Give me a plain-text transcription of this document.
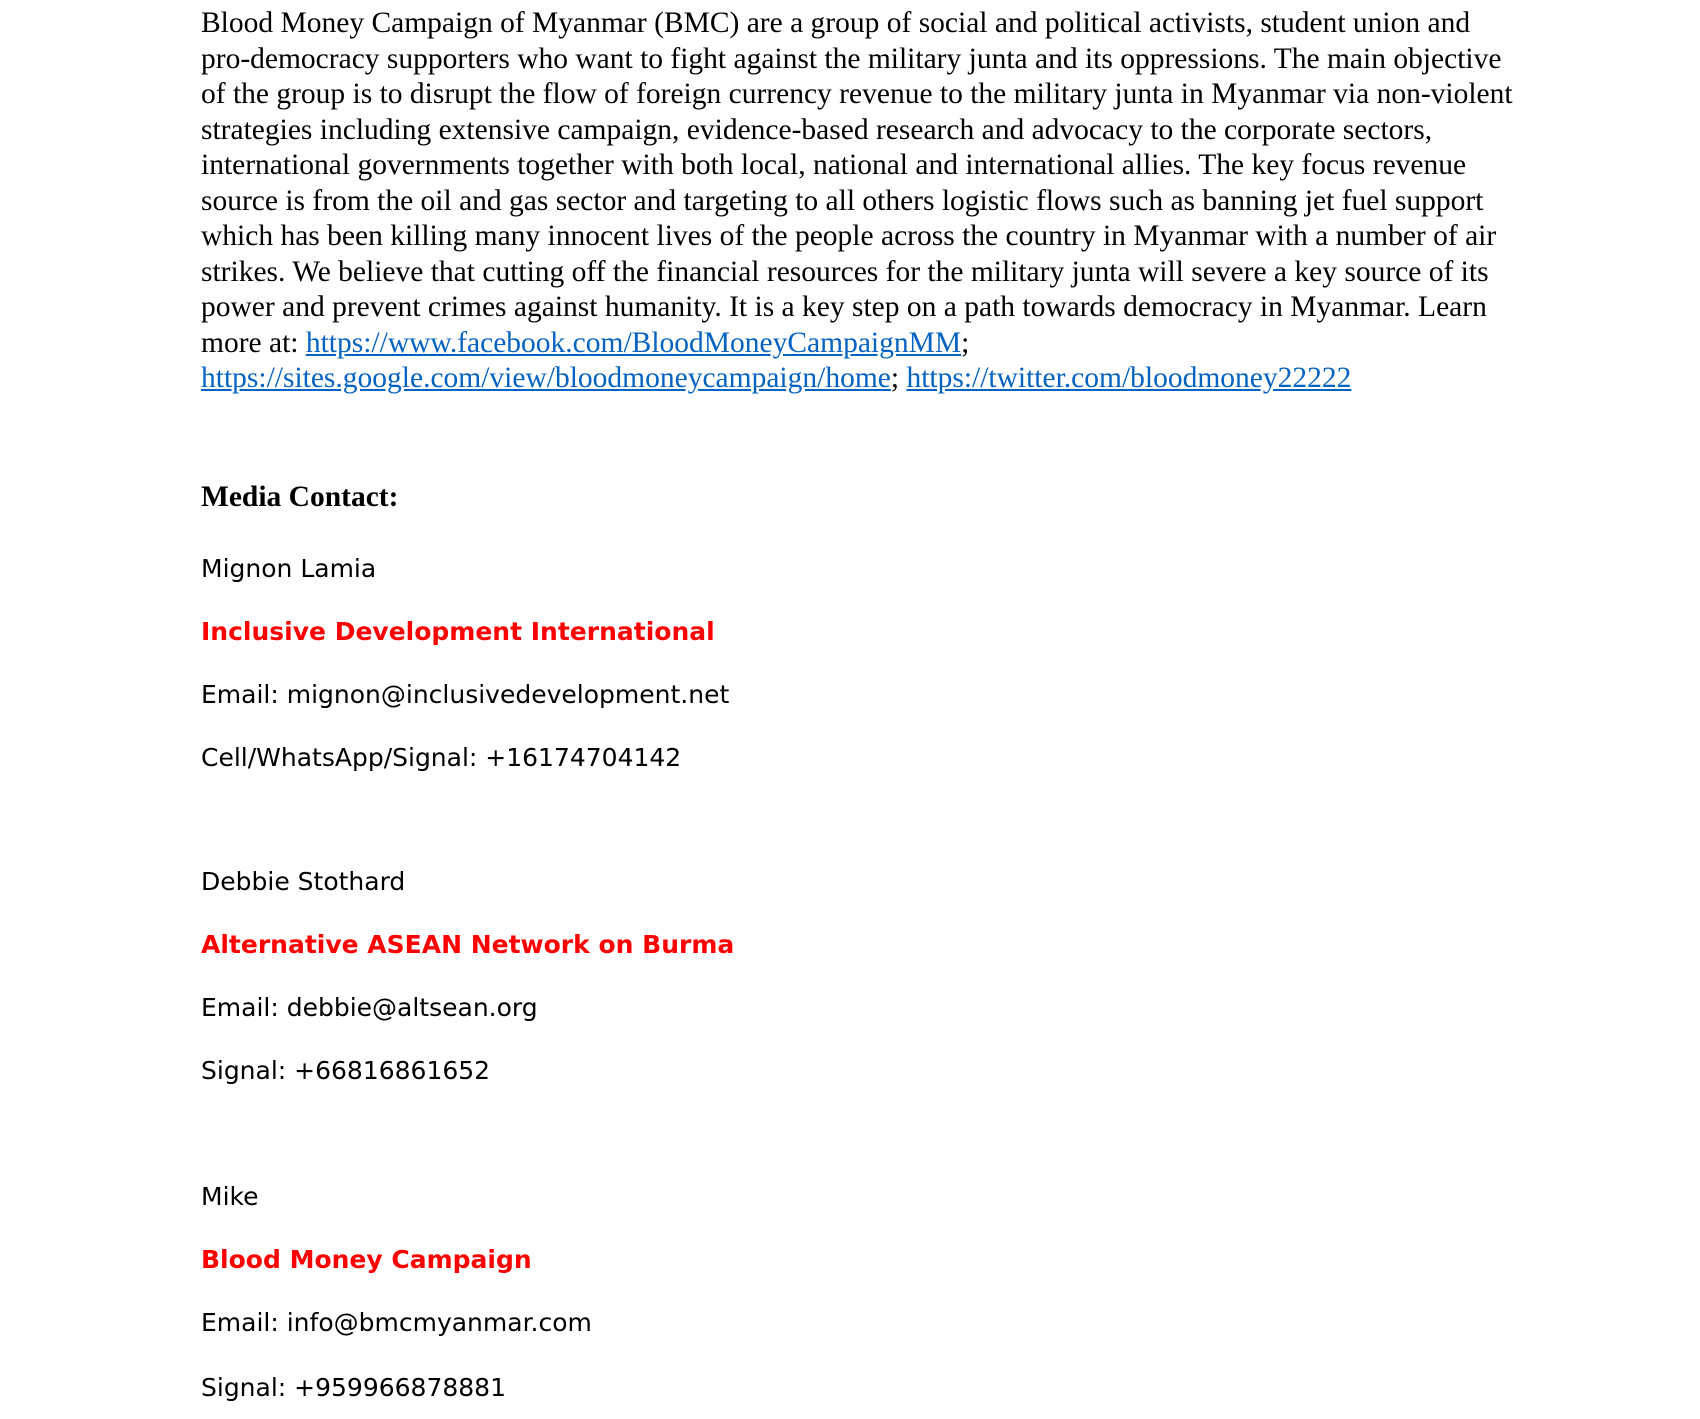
Blood Money Campaign of Myanmar (BMC) are a group of social and political activists, student union and pro-democracy supporters who want to fight against the military junta and its oppressions. The main objective of the group is to disrupt the flow of foreign currency revenue to the military junta in Myanmar via non-violent strategies including extensive campaign, evidence-based research and advocacy to the corporate sectors, international governments together with both local, national and international allies. The key focus revenue source is from the oil and gas sector and targeting to all others logistic flows such as banning jet fuel support which has been killing many innocent lives of the people across the country in Myanmar with a number of air strikes. We believe that cutting off the financial resources for the military junta will severe a key source of its power and prevent crimes against humanity. It is a key step on a path towards democracy in Myanmar. Learn more at: https://www.facebook.com/BloodMoneyCampaignMM; https://sites.google.com/view/bloodmoneycampaign/home; https://twitter.com/bloodmoney22222

Media Contact:

Mignon Lamia

Inclusive Development International

Email: mignon@inclusivedevelopment.net

Cell/WhatsApp/Signal: +16174704142

Debbie Stothard

Alternative ASEAN Network on Burma

Email: debbie@altsean.org

Signal: +66816861652

Mike

Blood Money Campaign

Email: info@bmcmyanmar.com

Signal: +959966878881
